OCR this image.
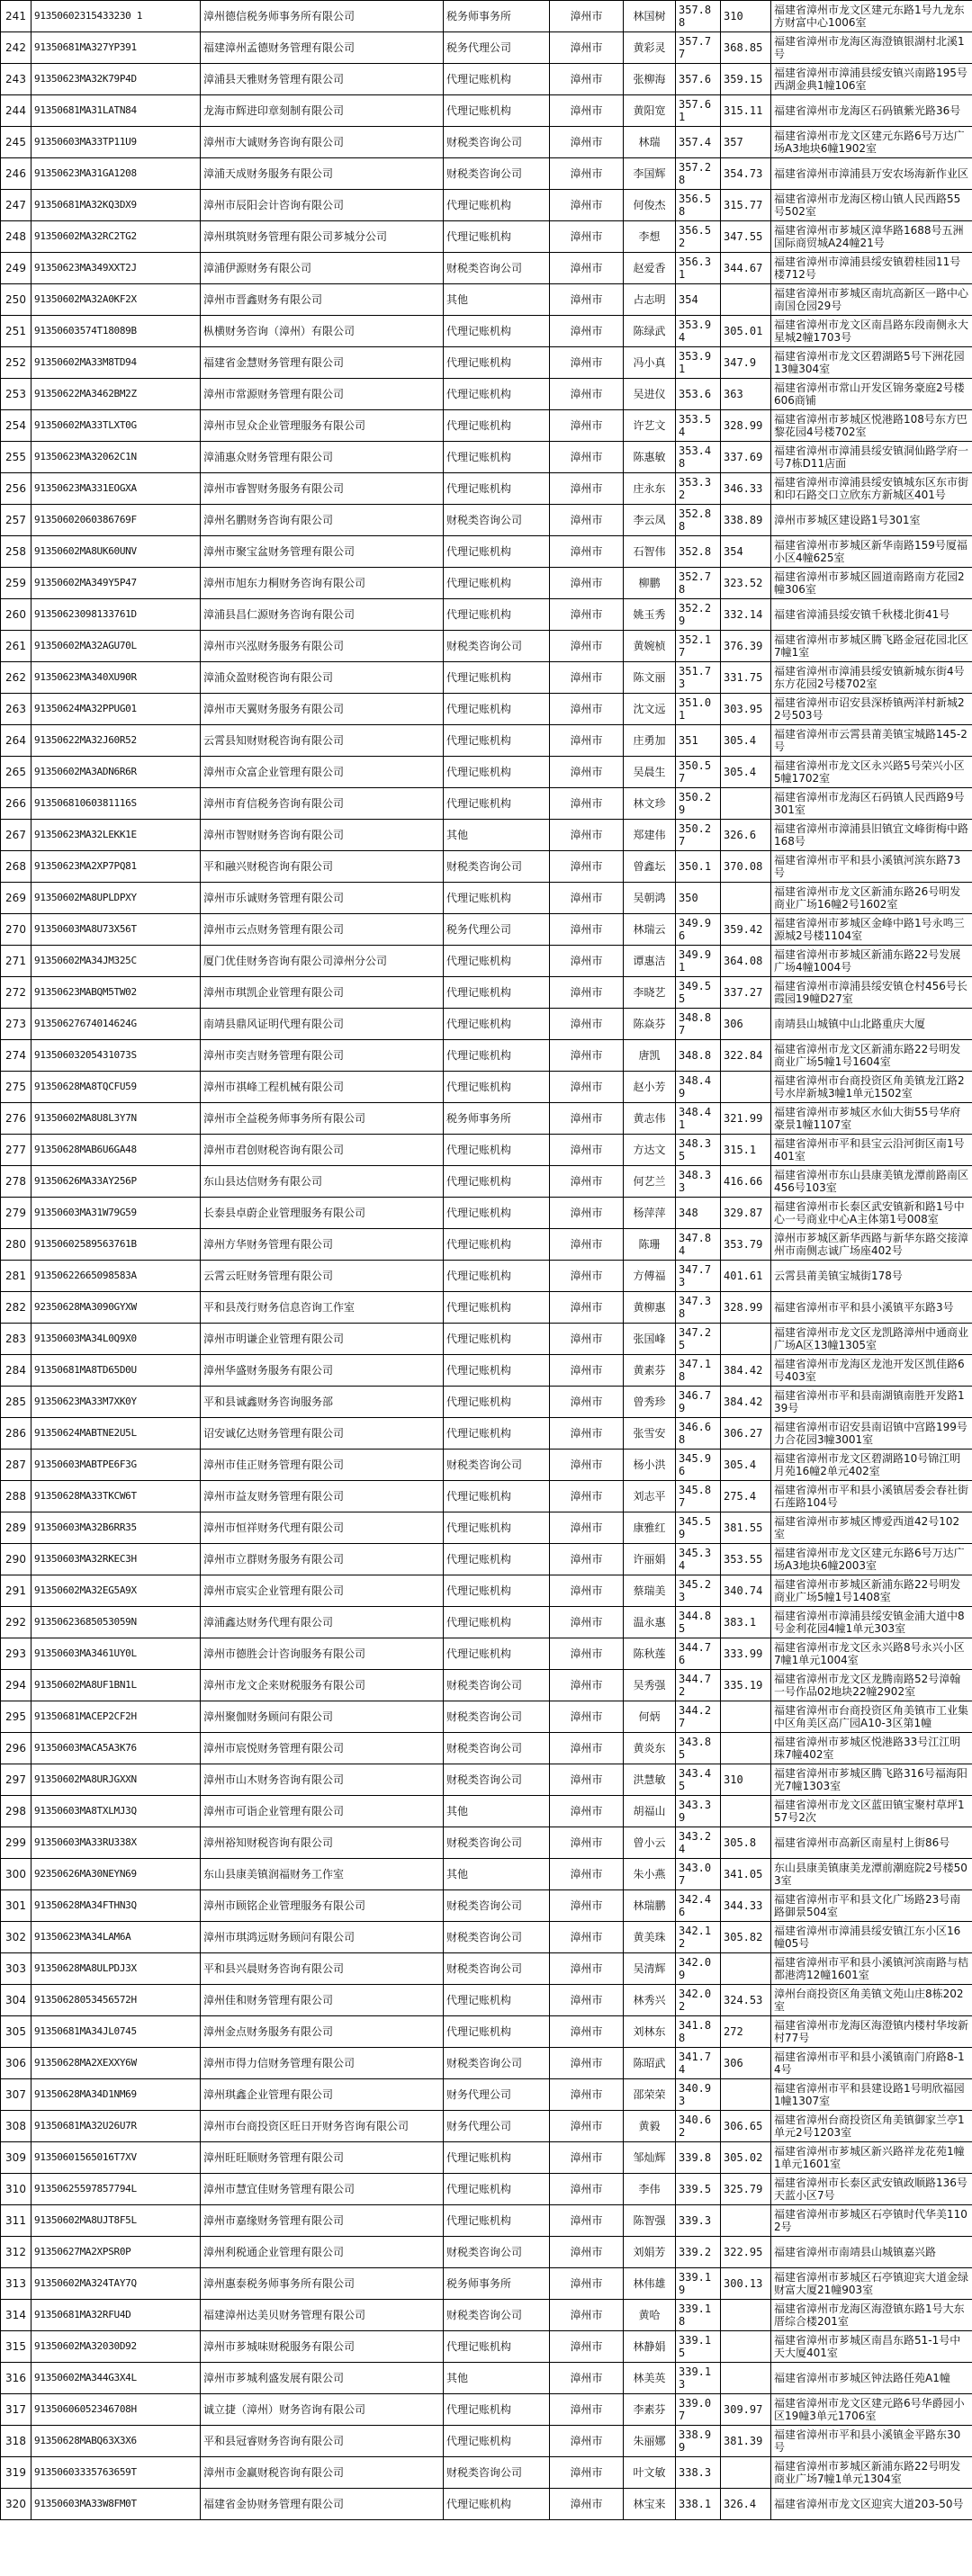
241	91350602315433230 1	漳州德信税务师事务所有限公司	税务师事务所	漳州市	林国树	357.88	310	福建省漳州市龙文区建元东路1号九龙东方财富中心1006室
242	91350681MA327YP391	福建漳州孟德财务管理有限公司	税务代理公司	漳州市	黄彩灵	357.77	368.85	福建省漳州市龙海区海澄镇银湖村北溪1号
243	91350623MA32K79P4D	漳浦县天雅财务管理有限公司	代理记账机构	漳州市	张柳海	357.6	359.15	福建省漳州市漳浦县绥安镇兴南路195号西湖金典1幢106室
244	91350681MA31LATN84	龙海市辉进印章刻制有限公司	代理记账机构	漳州市	黄阳宽	357.61	315.11	福建省漳州市龙海区石码镇紫光路36号
245	91350603MA33TP11U9	漳州市大诚财务咨询有限公司	财税类咨询公司	漳州市	林瑞	357.4	357	福建省漳州市龙文区建元东路6号万达广场A3地块6幢1902室
246	91350623MA31GA1208	漳浦天成财务服务有限公司	财税类咨询公司	漳州市	李国辉	357.28	354.73	福建省漳州市漳浦县万安农场海新作业区
247	91350681MA32KQ3DX9	漳州市辰阳会计咨询有限公司	代理记账机构	漳州市	何俊杰	356.58	315.77	福建省漳州市龙海区榜山镇人民西路55号502室
248	91350602MA32RC2TG2	漳州琪筑财务管理有限公司芗城分公司	代理记账机构	漳州市	李想	356.52	347.55	福建省漳州市芗城区漳华路1688号五洲国际商贸城A24幢21号
249	91350623MA349XXT2J	漳浦伊源财务有限公司	财税类咨询公司	漳州市	赵爱香	356.31	344.67	福建省漳州市漳浦县绥安镇碧桂园11号楼712号
250	91350602MA32A0KF2X	漳州市晋鑫财务有限公司	其他	漳州市	占志明	354		福建省漳州市芗城区南坑高新区一路中心南国仓园29号
251	91350603574T18089B	枞横财务咨询（漳州）有限公司	代理记账机构	漳州市	陈绿武	353.94	305.01	福建省漳州市龙文区南昌路东段南侧永大星城2幢1703号
252	91350602MA33M8TD94	福建省金慧财务管理有限公司	代理记账机构	漳州市	冯小真	353.91	347.9	福建省漳州市龙文区碧湖路5号下洲花园13幢304室
253	91350622MA3462BM2Z	漳州市常源财务管理有限公司	代理记账机构	漳州市	吴进仪	353.6	363	福建省漳州市常山开发区锦务豪庭2号楼606商铺
254	91350602MA33TLXT0G	漳州市昱众企业管理服务有限公司	代理记账机构	漳州市	许艺文	353.54	328.99	福建省漳州市芗城区悦港路108号东方巴黎花园4号楼702室
255	91350623MA32062C1N	漳浦惠众财务管理有限公司	代理记账机构	漳州市	陈惠敏	353.48	337.69	福建省漳州市漳浦县绥安镇洞仙路学府一号7栋D11店面
256	91350623MA331EOGXA	漳州市睿智财务服务有限公司	代理记账机构	漳州市	庄永东	353.32	346.33	福建省漳州市漳浦县绥安镇城东区东市街和印石路交口立欣东方新城区401号
257	91350602060386769F	漳州名鹏财务咨询有限公司	财税类咨询公司	漳州市	李云凤	352.88	338.89	漳州市芗城区建设路1号301室
258	91350602MA8UK60UNV	漳州市聚宝盆财务管理有限公司	代理记账机构	漳州市	石智伟	352.8	354	福建省漳州市芗城区新华南路159号厦福小区4幢625室
259	91350602MA349Y5P47	漳州市旭东力桐财务咨询有限公司	代理记账机构	漳州市	柳鹏	352.78	323.52	福建省漳州市芗城区圆道南路南方花园2幢306室
260	91350623098133761D	漳浦县昌仁源财务咨询有限公司	代理记账机构	漳州市	姚玉秀	352.29	332.14	福建省漳浦县绥安镇千秋楼北街41号
261	91350602MA32AGU70L	漳州市兴泓财务服务有限公司	财税类咨询公司	漳州市	黄婉桢	352.17	376.39	福建省漳州市芗城区腾飞路金冠花园北区7幢1室
262	91350623MA340XU90R	漳浦众盈财税咨询有限公司	代理记账机构	漳州市	陈文丽	351.73	331.75	福建省漳州市漳浦县绥安镇新城东街4号东方花园2号楼702室
263	91350624MA32PPUG01	漳州市天翼财务服务有限公司	代理记账机构	漳州市	沈文远	351.01	303.95	福建省漳州市诏安县深桥镇两洋村新城22号503号
264	91350622MA32J60R52	云霄县知财财税咨询有限公司	代理记账机构	漳州市	庄勇加	351	305.4	福建省漳州市云霄县莆美镇宝城路145-2号
265	91350602MA3ADN6R6R	漳州市众富企业管理有限公司	代理记账机构	漳州市	吴晨生	350.57	305.4	福建省漳州市龙文区永兴路5号荣兴小区5幢1702室
266	91350681060381116S	漳州市育信税务咨询有限公司	代理记账机构	漳州市	林文珍	350.29		福建省漳州市龙海区石码镇人民西路9号301室
267	91350623MA32LEKK1E	漳州市智财财务咨询有限公司	其他	漳州市	郑建伟	350.27	326.6	福建省漳州市漳浦县旧镇宜文峰街梅中路168号
268	91350623MA2XP7PQ81	平和融兴财税咨询有限公司	财税类咨询公司	漳州市	曾鑫坛	350.1	370.08	福建省漳州市平和县小溪镇河滨东路73号
269	91350602MA8UPLDPXY	漳州市乐诚财务管理有限公司	代理记账机构	漳州市	吴朝鸿	350		福建省漳州市龙文区新浦东路26号明发商业广场16幢2号1602室
270	91350603MA8U73X56T	漳州市云点财务管理有限公司	税务代理公司	漳州市	林瑞云	349.96	359.42	福建省漳州市芗城区金峰中路1号永鸣三源城2号楼1104室
271	91350602MA34JM325C	厦门优佳财务咨询有限公司漳州分公司	代理记账机构	漳州市	谭惠洁	349.91	364.08	福建省漳州市芗城区新浦东路22号发展广场4幢1004号
272	91350623MABQM5TW02	漳州市琪凯企业管理有限公司	代理记账机构	漳州市	李晓艺	349.55	337.27	福建省漳州市漳浦县绥安镇仓村456号长霞园19幢D27室
273	91350627674014624G	南靖县鼎风证明代理有限公司	代理记账机构	漳州市	陈焱芬	348.87	306	南靖县山城镇中山北路重庆大厦
274	91350603205431073S	漳州市奕吉财务管理有限公司	代理记账机构	漳州市	唐凯	348.8	322.84	福建省漳州市龙文区新浦东路22号明发商业广场5幢1号1604室
275	91350628MA8TQCFU59	漳州市祺峰工程机械有限公司	代理记账机构	漳州市	赵小芳	348.49		福建省漳州市台商投资区角美镇龙江路2号水岸新城3幢1单元1502室
276	91350602MA8U8L3Y7N	漳州市全益税务师事务所有限公司	税务师事务所	漳州市	黄志伟	348.41	321.99	福建省漳州市芗城区水仙大街55号华府豪景1幢1107室
277	91350628MAB6U6GA48	漳州市君创财税咨询有限公司	代理记账机构	漳州市	方达文	348.35	315.1	福建省漳州市平和县宝云沿河街区南1号401室
278	91350626MA33AY256P	东山县达信财务有限公司	代理记账机构	漳州市	何艺兰	348.33	416.66	福建省漳州市东山县康美镇龙潭前路南区456号103室
279	91350603MA31W79G59	长泰县卓蔚企业管理服务有限公司	代理记账机构	漳州市	杨萍萍	348	329.87	福建省漳州市长泰区武安镇新和路1号中心一号商业中心A主体第1号008室
280	91350602589563761B	漳州方华财务管理有限公司	代理记账机构	漳州市	陈珊	347.84	353.79	漳州市芗城区新华西路与新华东路交接漳州市南侧志诚广场座402号
281	91350622665098583A	云霄云旺财务管理有限公司	代理记账机构	漳州市	方傅福	347.73	401.61	云霄县莆美镇宝城街178号
282	92350628MA3090GYXW	平和县茂行财务信息咨询工作室	代理记账机构	漳州市	黄柳惠	347.38	328.99	福建省漳州市平和县小溪镇平东路3号
283	91350603MA34L0Q9X0	漳州市明谦企业管理有限公司	代理记账机构	漳州市	张国峰	347.25		福建省漳州市龙文区龙凯路漳州中通商业广场A区13幢1305室
284	91350681MA8TD65D0U	漳州华盛财务服务有限公司	代理记账机构	漳州市	黄素芬	347.18	384.42	福建省漳州市龙海区龙池开发区凯佳路6号403室
285	91350623MA33M7XK0Y	平和县诚鑫财务咨询服务部	代理记账机构	漳州市	曾秀珍	346.79	384.42	福建省漳州市平和县南湖镇南胜开发路139号
286	91350624MABTNE2U5L	诏安诚亿达财务管理有限公司	代理记账机构	漳州市	张雪安	346.68	306.27	福建省漳州市诏安县南诏镇中宫路199号力合花园3幢3001室
287	91350603MABTPE6F3G	漳州市佳正财务管理有限公司	财税类咨询公司	漳州市	杨小洪	345.96	305.4	福建省漳州市龙文区碧湖路10号锦江明月苑16幢2单元402室
288	91350628MA33TKCW6T	漳州市益友财务管理有限公司	代理记账机构	漳州市	刘志平	345.87	275.4	福建省漳州市平和县小溪镇居委会春社街石莲路104号
289	91350603MA32B6RR35	漳州市恒祥财务代理有限公司	代理记账机构	漳州市	康雅红	345.59	381.55	福建省漳州市芗城区博爱西道42号102室
290	91350603MA32RKEC3H	漳州市立群财务服务有限公司	代理记账机构	漳州市	许丽娟	345.34	353.55	福建省漳州市龙文区建元东路6号万达广场A3地块6幢2003室
291	91350602MA32EG5A9X	漳州市宸实企业管理有限公司	代理记账机构	漳州市	蔡瑞美	345.23	340.74	福建省漳州市芗城区新浦东路22号明发商业广场5幢1号1408室
292	91350623685053059N	漳浦鑫达财务代理有限公司	代理记账机构	漳州市	温永惠	344.85	383.1	福建省漳州市漳浦县绥安镇金浦大道中8号金利花园4幢1单元303室
293	91350603MA3461UY0L	漳州市德胜会计咨询服务有限公司	代理记账机构	漳州市	陈秋莲	344.76	333.99	福建省漳州市龙文区永兴路8号永兴小区7幢1单元1004室
294	91350602MA8UF1BN1L	漳州市龙文企来财税服务有限公司	财税类咨询公司	漳州市	吴秀强	344.72	335.19	福建省漳州市龙文区龙腾南路52号漳翰一号作品02地块22幢2902室
295	91350681MACEP2CF2H	漳州聚伽财务顾问有限公司	财税类咨询公司	漳州市	何炳	344.27		福建省漳州市台商投资区角美镇市工业集中区角美区高广园A10-3区第1幢
296	91350603MACA5A3K76	漳州市宸悦财务管理有限公司	财税类咨询公司	漳州市	黄炎东	343.85		福建省漳州市芗城区悦港路33号江江明珠7幢402室
297	91350602MA8URJGXXN	漳州市山木财务咨询有限公司	财税类咨询公司	漳州市	洪慧敏	343.45	310	福建省漳州市芗城区腾飞路316号福海阳光7幢1303室
298	91350603MA8TXLMJ3Q	漳州市可诣企业管理有限公司	其他	漳州市	胡福山	343.39		福建省漳州市龙文区蓝田镇宝聚村草坪157号2次
299	91350603MA33RU338X	漳州裕知财税咨询有限公司	财税类咨询公司	漳州市	曾小云	343.24	305.8	福建省漳州市高新区南星村上街86号
300	92350626MA30NEYN69	东山县康美镇润福财务工作室	其他	漳州市	朱小燕	343.07	341.05	东山县康美镇康美龙潭前潮庭院2号楼503室
301	91350628MA34FTHN3Q	漳州市顾铭企业管理服务有限公司	财税类咨询公司	漳州市	林瑞鹏	342.46	344.33	福建省漳州市平和县文化广场路23号南路御景504室
302	91350623MA34LAM6A	漳州市琪鸿远财务顾问有限公司	财税类咨询公司	漳州市	黄美珠	342.12	305.82	福建省漳州市漳浦县绥安镇江东小区16幢05号
303	91350628MA8ULPDJ3X	平和县兴晨财务咨询有限公司	财税类咨询公司	漳州市	吴清辉	342.09		福建省漳州市平和县小溪镇河滨南路与桔都港湾12幢1601室
304	91350628053456572H	漳州佳和财务管理有限公司	代理记账机构	漳州市	林秀兴	342.02	324.53	漳州台商投资区角美镇文苑山庄8栋202室
305	91350681MA34JL0745	漳州金点财务服务有限公司	代理记账机构	漳州市	刘林东	341.88	272	福建省漳州市龙海区海澄镇内楼村华垵新村77号
306	91350628MA2XEXXY6W	漳州市得力信财务管理有限公司	财税类咨询公司	漳州市	陈昭武	341.74	306	福建省漳州市平和县小溪镇南门府路8-14号
307	91350628MA34D1NM69	漳州琪鑫企业管理有限公司	财务代理公司	漳州市	邵荣荣	340.93		福建省漳州市平和县建设路1号明欣福园1幢1307室
308	91350681MA32U26U7R	漳州市台商投资区旺日开财务咨询有限公司	财务代理公司	漳州市	黄毅	340.62	306.65	福建省漳州台商投资区角美镇御家兰亭1单元2号1203室
309	91350601565016T7XV	漳州旺旺顺财务管理有限公司	代理记账机构	漳州市	邹灿辉	339.8	305.02	福建省漳州市芗城区新兴路祥龙花苑1幢1单元1601室
310	91350625597857794L	漳州市慧宜佳财务管理有限公司	代理记账机构	漳州市	李伟	339.5	325.79	福建省漳州市长泰区武安镇政顺路136号天蓝小区7号
311	91350602MA8UJT8F5L	漳州市嘉缘财务管理有限公司	代理记账机构	漳州市	陈智强	339.3		福建省漳州市芗城区石亭镇时代华美1102号
312	91350627MA2XPSR0P	漳州利税通企业管理有限公司	财税类咨询公司	漳州市	刘娟芳	339.2	322.95	福建省漳州市南靖县山城镇嘉兴路
313	91350602MA324TAY7Q	漳州惠泰税务师事务所有限公司	税务师事务所	漳州市	林伟雄	339.19	300.13	福建省漳州市芗城区石亭镇迎宾大道金绿财富大厦21幢903室
314	91350681MA32RFU4D	福建漳州达美贝财务管理有限公司	财税类咨询公司	漳州市	黄哈	339.18		福建省漳州市龙海区海澄镇东路1号大东厝综合楼201室
315	91350602MA32030D92	漳州市芗城味财税服务有限公司	代理记账机构	漳州市	林静娟	339.15		福建省漳州市芗城区南昌东路51-1号中天大厦401室
316	91350602MA344G3X4L	漳州市芗城利盛发展有限公司	其他	漳州市	林美英	339.13		福建省漳州市芗城区钟法路任苑A1幢
317	91350606052346708H	诚立捷（漳州）财务咨询有限公司	代理记账机构	漳州市	李素芬	339.07	309.97	福建省漳州市龙文区建元路6号华爵园小区19幢3单元1706室
318	91350628MABQ63X3X6	平和县冠睿财务咨询有限公司	代理记账机构	漳州市	朱丽娜	338.99	381.39	福建省漳州市平和县小溪镇金平路东30号
319	91350603335763659T	漳州市金赢财税咨询有限公司	财税类咨询公司	漳州市	叶文敏	338.3		福建省漳州市芗城区新浦东路22号明发商业广场7幢1单元1304室
320	91350603MA33W8FM0T	福建省金协财务管理有限公司	代理记账机构	漳州市	林宝来	338.1	326.4	福建省漳州市龙文区迎宾大道203-50号
